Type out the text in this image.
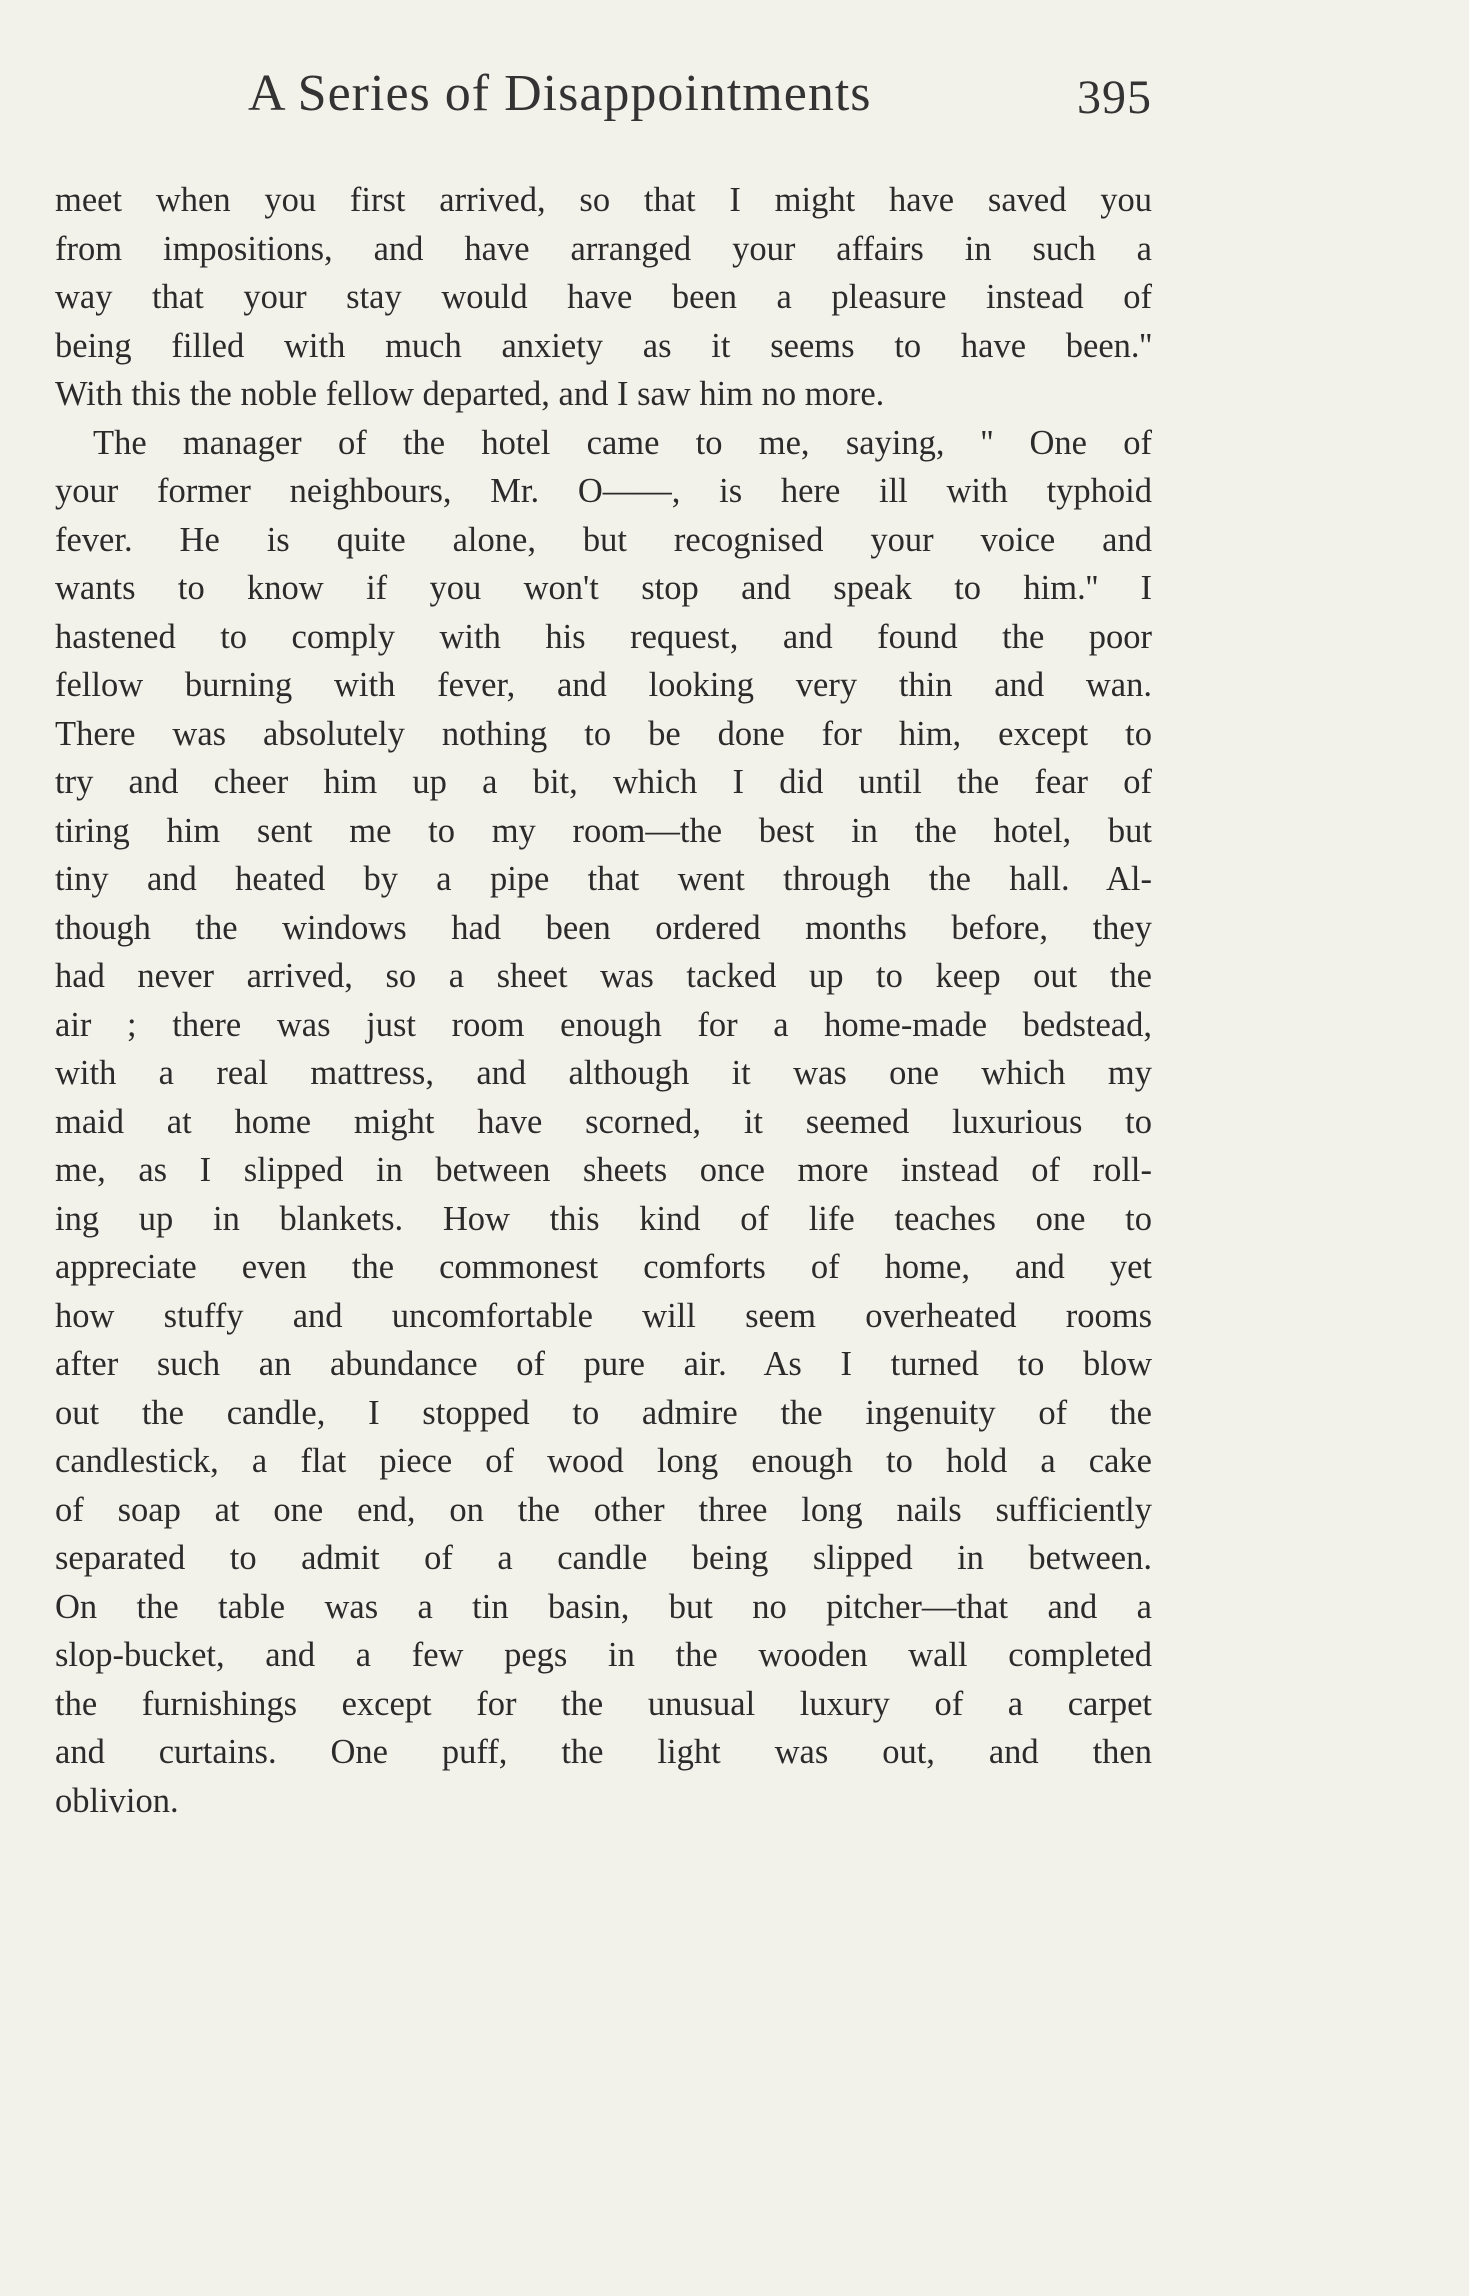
A Series of Disappointments	395
meet when you first arrived, so that I might have saved you
from impositions, and have arranged your affairs in such a
way that your stay would have been a pleasure instead of
being filled with much anxiety as it seems to have been.''
With this the noble fellow departed, and I saw him no more.
The manager of the hotel came to me, saying, '' One of
your former neighbours, Mr. O——, is here ill with typhoid
fever. He is quite alone, but recognised your voice and
wants to know if you won't stop and speak to him.'' I
hastened to comply with his request, and found the poor
fellow burning with fever, and looking very thin and wan.
There was absolutely nothing to be done for him, except to
try and cheer him up a bit, which I did until the fear of
tiring him sent me to my room—the best in the hotel, but
tiny and heated by a pipe that went through the hall. Al-
though the windows had been ordered months before, they
had never arrived, so a sheet was tacked up to keep out the
air ; there was just room enough for a home-made bedstead,
with a real mattress, and although it was one which my
maid at home might have scorned, it seemed luxurious to
me, as I slipped in between sheets once more instead of roll-
ing up in blankets. How this kind of life teaches one to
appreciate even the commonest comforts of home, and yet
how stuffy and uncomfortable will seem overheated rooms
after such an abundance of pure air. As I turned to blow
out the candle, I stopped to admire the ingenuity of the
candlestick, a flat piece of wood long enough to hold a cake
of soap at one end, on the other three long nails sufficiently
separated to admit of a candle being slipped in between.
On the table was a tin basin, but no pitcher—that and a
slop-bucket, and a few pegs in the wooden wall completed
the furnishings except for the unusual luxury of a carpet
and curtains. One puff, the light was out, and then
oblivion.
